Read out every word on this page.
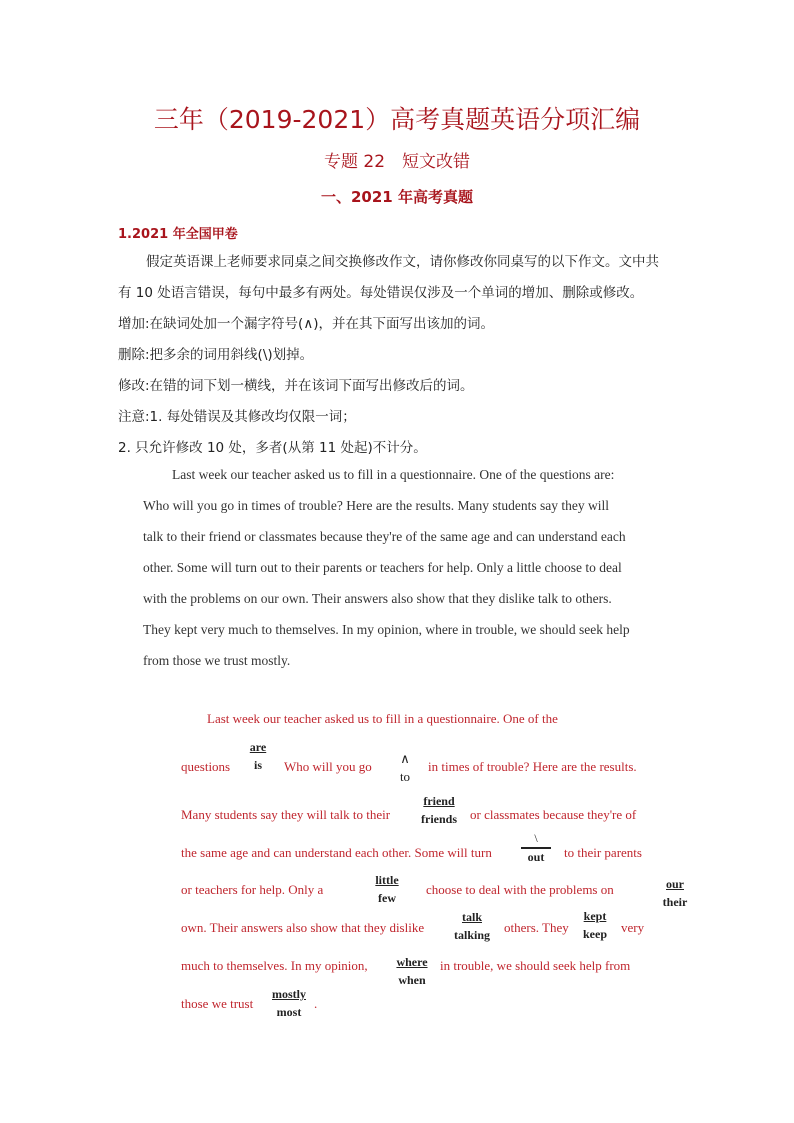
三年（2019-2021）高考真题英语分项汇编
专题 22　短文改错
一、2021 年高考真题
1.2021 年全国甲卷
假定英语课上老师要求同桌之间交换修改作文，请你修改你同桌写的以下作文。文中共
有 10 处语言错误，每句中最多有两处。每处错误仅涉及一个单词的增加、删除或修改。
增加:在缺词处加一个漏字符号(∧)，并在其下面写出该加的词。
删除:把多余的词用斜线(\)划掉。
修改:在错的词下划一横线，并在该词下面写出修改后的词。
注意:1. 每处错误及其修改均仅限一词；
2. 只允许修改 10 处，多者(从第 11 处起)不计分。
Last week our teacher asked us to fill in a questionnaire. One of the questions are:
Who will you go in times of trouble? Here are the results. Many students say they will
talk to their friend or classmates because they're of the same age and can understand each
other. Some will turn out to their parents or teachers for help. Only a little choose to deal
with the problems on our own. Their answers also show that they dislike talk to others.
They kept very much to themselves. In my opinion, where in trouble, we should seek help
from those we trust mostly.
Last week our teacher asked us to fill in a questionnaire. One of the
questions
are
is	Who will you go
∧
to
in times of trouble? Here are the results.
Many students say they will talk to their
friend
friends	or classmates because they're of
the same age and can understand each other. Some will turn
\
out	to their parents
or teachers for help. Only a
little
few
choose to deal with the problems on	our
their
own. Their answers also show that they dislike
talk
talking	others. They
kept
keep	very
much to themselves. In my opinion,	where
when
in trouble, we should seek help from
those we trust
mostly
most
.
